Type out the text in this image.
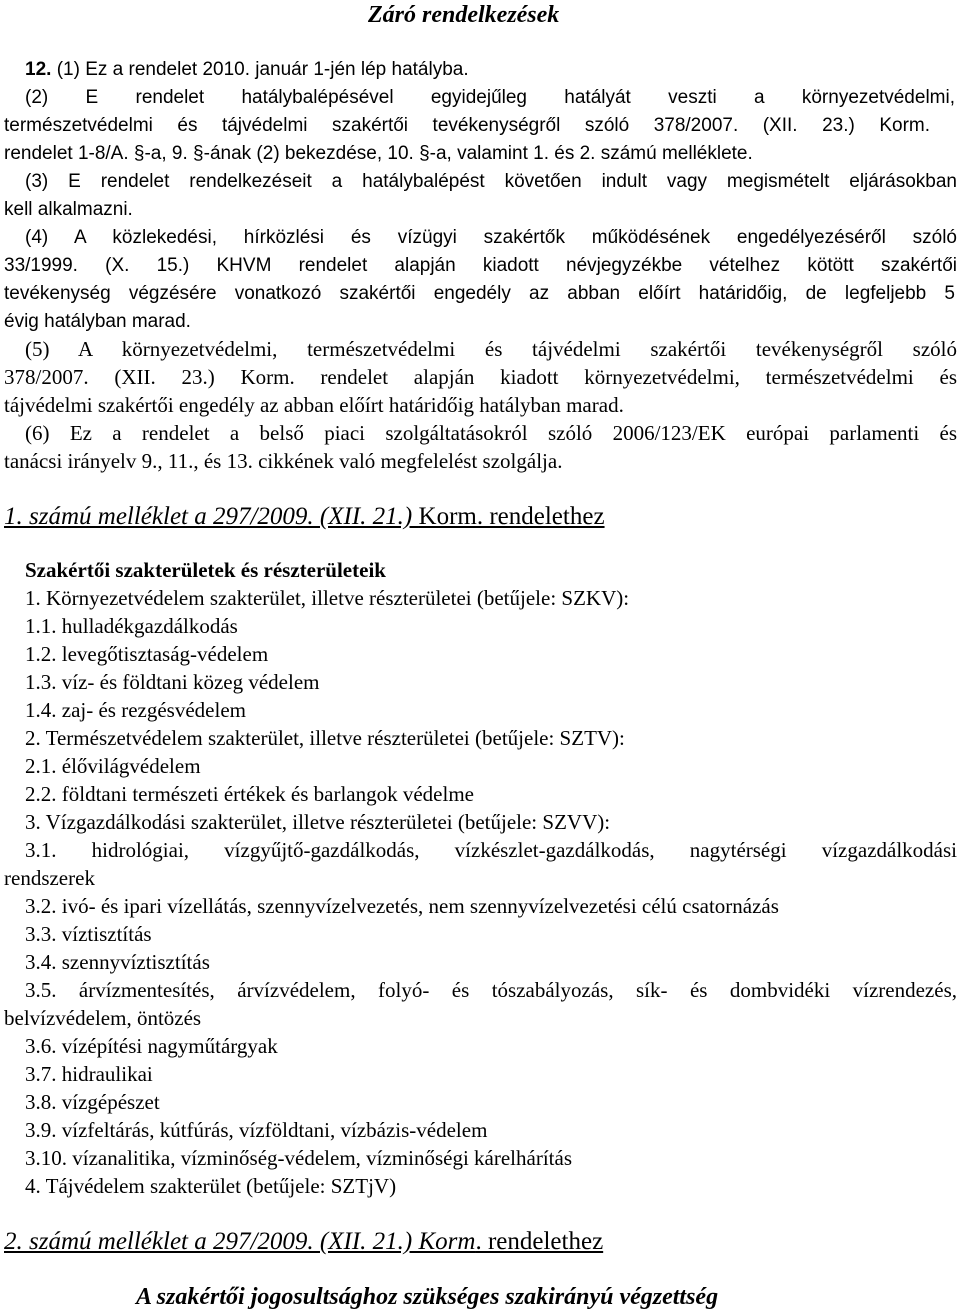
Záró rendelkezések
12. (1) Ez a rendelet 2010. január 1-jén lép hatályba.
(2) E rendelet hatálybalépésével egyidejűleg hatályát veszti a környezetvédelmi,
természetvédelmi és tájvédelmi szakértői tevékenységről szóló 378/2007. (XII. 23.) Korm.
rendelet 1-8/A. §-a, 9. §-ának (2) bekezdése, 10. §-a, valamint 1. és 2. számú melléklete.
(3) E rendelet rendelkezéseit a hatálybalépést követően indult vagy megismételt eljárásokban
kell alkalmazni.
(4) A közlekedési, hírközlési és vízügyi szakértők működésének engedélyezéséről szóló
33/1999. (X. 15.) KHVM rendelet alapján kiadott névjegyzékbe vételhez kötött szakértői
tevékenység végzésére vonatkozó szakértői engedély az abban előírt határidőig, de legfeljebb 5
évig hatályban marad.
(5) A környezetvédelmi, természetvédelmi és tájvédelmi szakértői tevékenységről szóló
378/2007. (XII. 23.) Korm. rendelet alapján kiadott környezetvédelmi, természetvédelmi és
tájvédelmi szakértői engedély az abban előírt határidőig hatályban marad.
(6) Ez a rendelet a belső piaci szolgáltatásokról szóló 2006/123/EK európai parlamenti és
tanácsi irányelv 9., 11., és 13. cikkének való megfelelést szolgálja.
1. számú melléklet a 297/2009. (XII. 21.) Korm. rendelethez
Szakértői szakterületek és részterületeik
1. Környezetvédelem szakterület, illetve részterületei (betűjele: SZKV):
1.1. hulladékgazdálkodás
1.2. levegőtisztaság-védelem
1.3. víz- és földtani közeg védelem
1.4. zaj- és rezgésvédelem
2. Természetvédelem szakterület, illetve részterületei (betűjele: SZTV):
2.1. élővilágvédelem
2.2. földtani természeti értékek és barlangok védelme
3. Vízgazdálkodási szakterület, illetve részterületei (betűjele: SZVV):
3.1. hidrológiai, vízgyűjtő-gazdálkodás, vízkészlet-gazdálkodás, nagytérségi vízgazdálkodási
rendszerek
3.2. ivó- és ipari vízellátás, szennyvízelvezetés, nem szennyvízelvezetési célú csatornázás
3.3. víztisztítás
3.4. szennyvíztisztítás
3.5. árvízmentesítés, árvízvédelem, folyó- és tószabályozás, sík- és dombvidéki vízrendezés,
belvízvédelem, öntözés
3.6. vízépítési nagyműtárgyak
3.7. hidraulikai
3.8. vízgépészet
3.9. vízfeltárás, kútfúrás, vízföldtani, vízbázis-védelem
3.10. vízanalitika, vízminőség-védelem, vízminőségi kárelhárítás
4. Tájvédelem szakterület (betűjele: SZTjV)
2. számú melléklet a 297/2009. (XII. 21.) Korm. rendelethez
A szakértői jogosultsághoz szükséges szakirányú végzettség
